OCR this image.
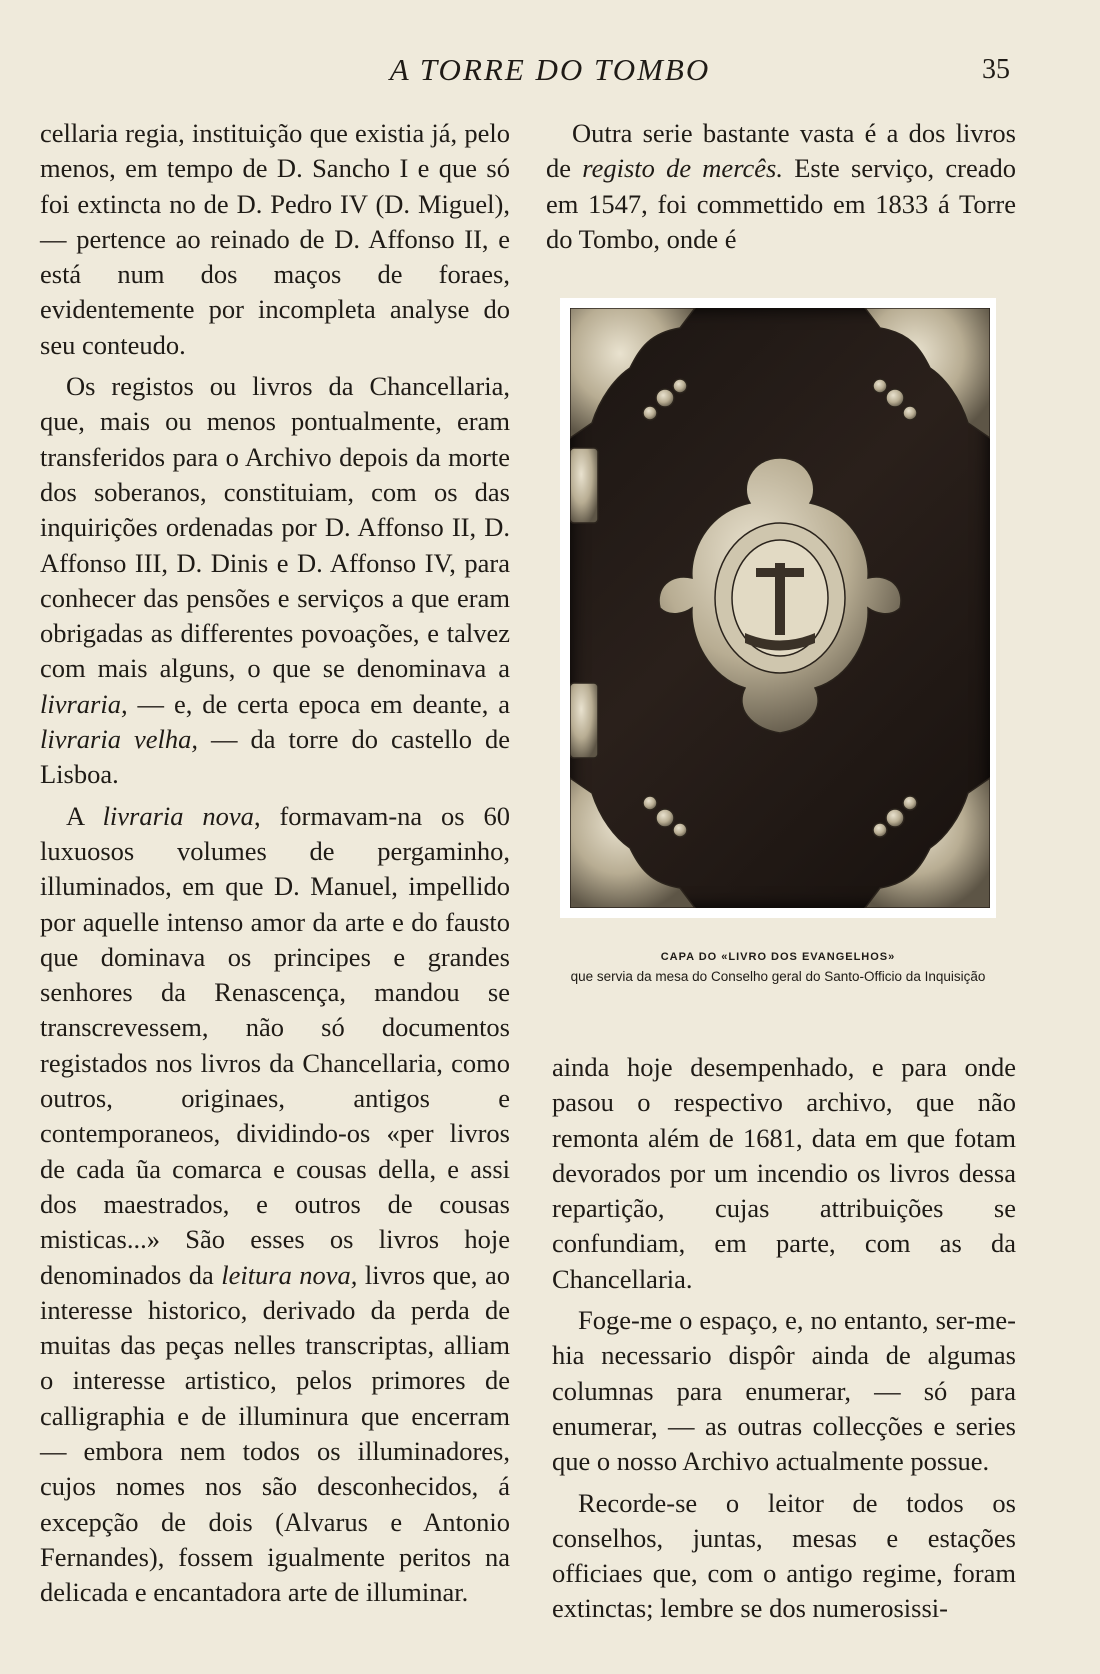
A TORRE DO TOMBO	35

cellaria regia, instituição que existia já, pelo menos, em tempo de D. Sancho I e que só foi extincta no de D. Pedro IV (D. Miguel), — pertence ao reinado de D. Affonso II, e está num dos maços de foraes, evidentemente por incompleta analyse do seu conteudo.

Os registos ou livros da Chancellaria, que, mais ou menos pontualmente, eram transferidos para o Archivo depois da morte dos soberanos, constituiam, com os das inquirições ordenadas por D. Affonso II, D. Affonso III, D. Dinis e D. Affonso IV, para conhecer das pensões e serviços a que eram obrigadas as differentes povoações, e talvez com mais alguns, o que se denominava a livraria, — e, de certa epoca em deante, a livraria velha, — da torre do castello de Lisboa.

A livraria nova, formavam-na os 60 luxuosos volumes de pergaminho, illuminados, em que D. Manuel, impellido por aquelle intenso amor da arte e do fausto que dominava os principes e grandes senhores da Renascença, mandou se transcrevessem, não só documentos registados nos livros da Chancellaria, como outros, originaes, antigos e contemporaneos, dividindo-os «per livros de cada ũa comarca e cousas della, e assi dos maestrados, e outros de cousas misticas...» São esses os livros hoje denominados da leitura nova, livros que, ao interesse historico, derivado da perda de muitas das peças nelles transcriptas, alliam o interesse artistico, pelos primores de calligraphia e de illuminura que encerram — embora nem todos os illuminadores, cujos nomes nos são desconhecidos, á excepção de dois (Alvarus e Antonio Fernandes), fossem igualmente peritos na delicada e encantadora arte de illuminar.

Outra serie bastante vasta é a dos livros de registo de mercês. Este serviço, creado em 1547, foi commettido em 1833 á Torre do Tombo, onde é

CAPA DO «LIVRO DOS EVANGELHOS»
que servia da mesa do Conselho geral do Santo-Officio da Inquisição

ainda hoje desempenhado, e para onde pasou o respectivo archivo, que não remonta além de 1681, data em que fotam devorados por um incendio os livros dessa repartição, cujas attribuições se confundiam, em parte, com as da Chancellaria.

Foge-me o espaço, e, no entanto, ser-me-hia necessario dispôr ainda de algumas columnas para enumerar, — só para enumerar, — as outras collecções e series que o nosso Archivo actualmente possue.

Recorde-se o leitor de todos os conselhos, juntas, mesas e estações officiaes que, com o antigo regime, foram extinctas; lembre se dos numerosissi-
